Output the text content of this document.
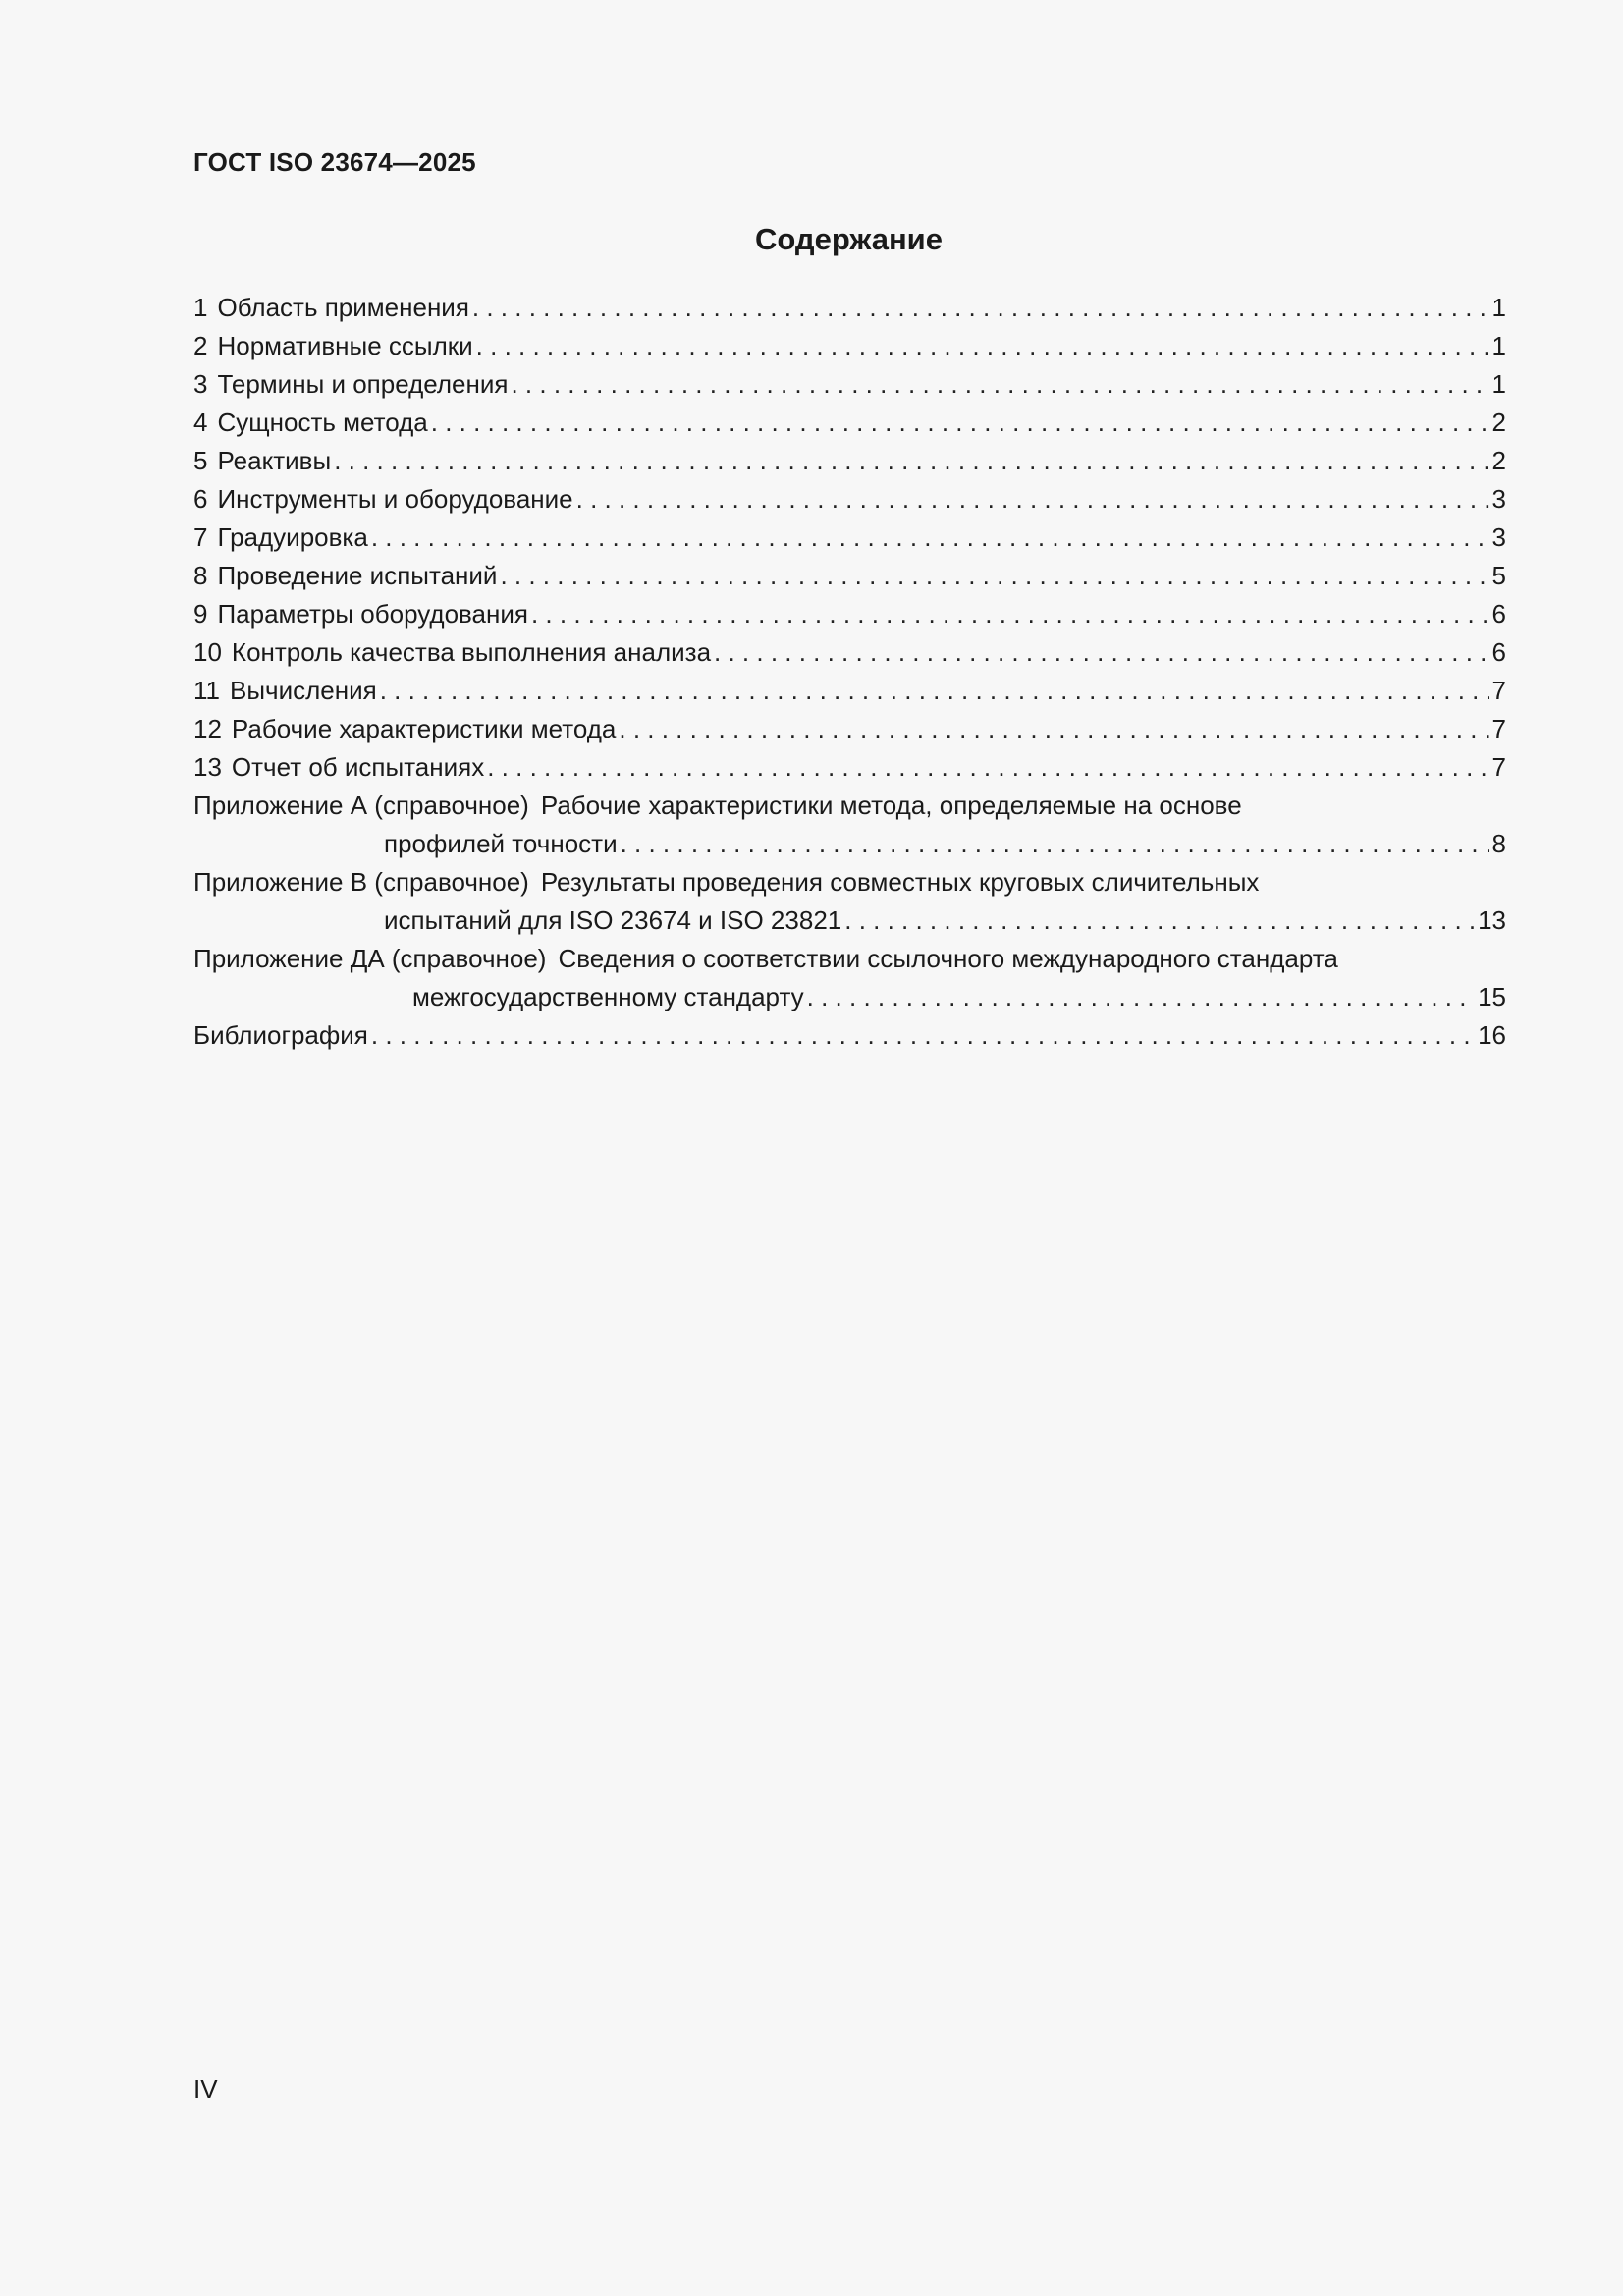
ГОСТ ISO 23674—2025
Содержание
1 Область применения . . .	1
2 Нормативные ссылки . . .	1
3 Термины и определения . . .	1
4 Сущность метода . . .	2
5 Реактивы . . .	2
6 Инструменты и оборудование . . .	3
7 Градуировка . . .	3
8 Проведение испытаний . . .	5
9 Параметры оборудования . . .	6
10 Контроль качества выполнения анализа . . .	6
11 Вычисления . . .	7
12 Рабочие характеристики метода . . .	7
13 Отчет об испытаниях . . .	7
Приложение А (справочное) Рабочие характеристики метода, определяемые на основе
профилей точности . . .	8
Приложение В (справочное) Результаты проведения совместных круговых сличительных
испытаний для ISO 23674 и ISO 23821 . . .	13
Приложение ДА (справочное) Сведения о соответствии ссылочного международного стандарта
межгосударственному стандарту . . .	15
Библиография . . .	16
IV
